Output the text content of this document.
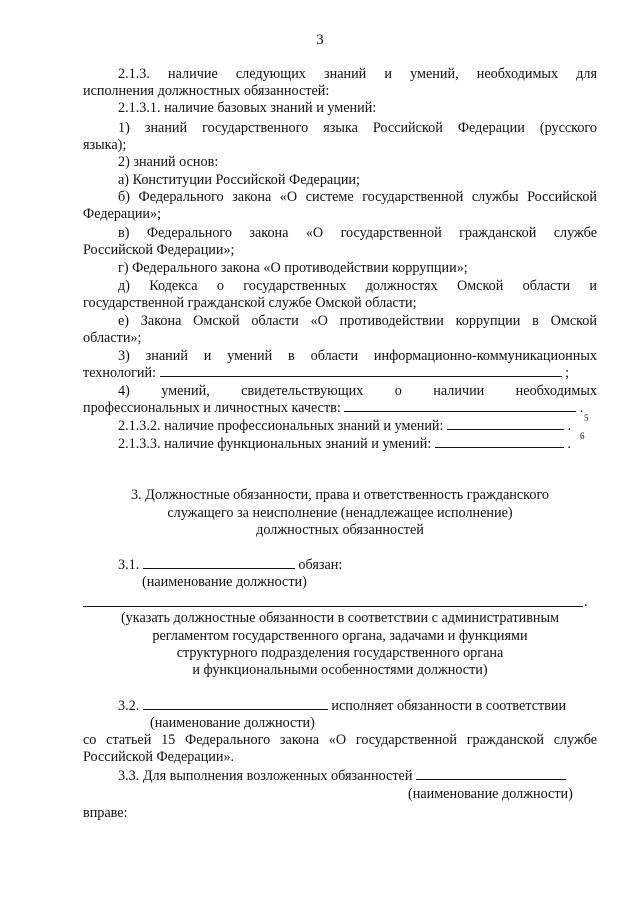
3
2.1.3. наличие следующих знаний и умений, необходимых для
исполнения должностных обязанностей:
2.1.3.1. наличие базовых знаний и умений:
1) знаний государственного языка Российской Федерации (русского
языка);
2) знаний основ:
а) Конституции Российской Федерации;
б) Федерального закона «О системе государственной службы Российской
Федерации»;
в) Федерального закона «О государственной гражданской службе
Российской Федерации»;
г) Федерального закона «О противодействии коррупции»;
д) Кодекса о государственных должностях Омской области и
государственной гражданской службе Омской области;
е) Закона Омской области «О противодействии коррупции в Омской
области»;
3) знаний и умений в области информационно-коммуникационных
технологий:	;
4) умений, свидетельствующих о наличии необходимых
профессиональных и личностных качеств:	.
2.1.3.2. наличие профессиональных знаний и умений:	.	5
2.1.3.3. наличие функциональных знаний и умений:	.	6
3. Должностные обязанности, права и ответственность гражданского
служащего за неисполнение (ненадлежащее исполнение)
должностных обязанностей
3.1.	обязан:
(наименование должности)
.
(указать должностные обязанности в соответствии с административным
регламентом государственного органа, задачами и функциями
структурного подразделения государственного органа
и функциональными особенностями должности)
3.2.	исполняет обязанности в соответствии
(наименование должности)
со статьей 15 Федерального закона «О государственной гражданской службе
Российской Федерации».
3.3. Для выполнения возложенных обязанностей
(наименование должности)
вправе:
